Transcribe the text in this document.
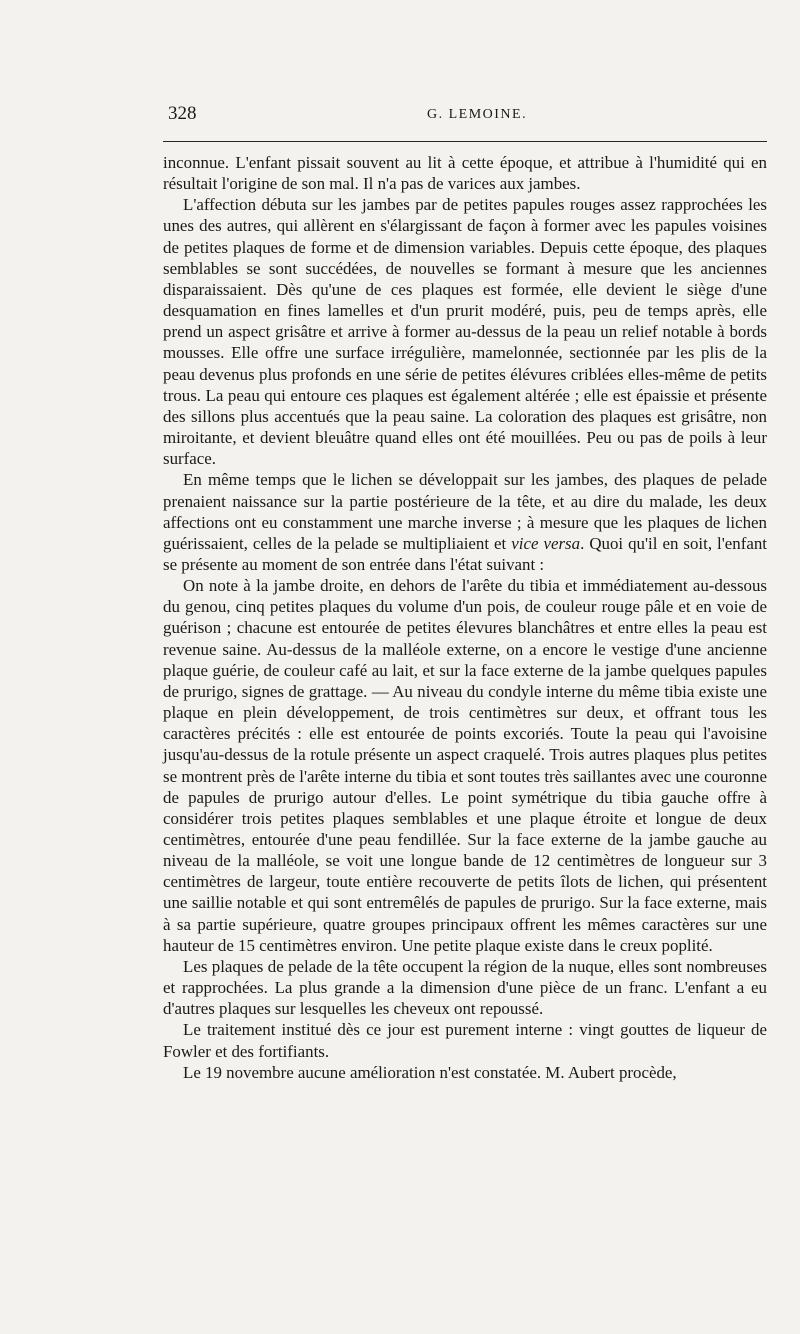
328	G. LEMOINE.

inconnue. L'enfant pissait souvent au lit à cette époque, et attribue à l'humidité qui en résultait l'origine de son mal. Il n'a pas de varices aux jambes.

L'affection débuta sur les jambes par de petites papules rouges assez rapprochées les unes des autres, qui allèrent en s'élargissant de façon à former avec les papules voisines de petites plaques de forme et de dimension variables. Depuis cette époque, des plaques semblables se sont succédées, de nouvelles se formant à mesure que les anciennes disparaissaient. Dès qu'une de ces plaques est formée, elle devient le siège d'une desquamation en fines lamelles et d'un prurit modéré, puis, peu de temps après, elle prend un aspect grisâtre et arrive à former au-dessus de la peau un relief notable à bords mousses. Elle offre une surface irrégulière, mamelonnée, sectionnée par les plis de la peau devenus plus profonds en une série de petites élévures criblées elles-même de petits trous. La peau qui entoure ces plaques est également altérée ; elle est épaissie et présente des sillons plus accentués que la peau saine. La coloration des plaques est grisâtre, non miroitante, et devient bleuâtre quand elles ont été mouillées. Peu ou pas de poils à leur surface.

En même temps que le lichen se développait sur les jambes, des plaques de pelade prenaient naissance sur la partie postérieure de la tête, et au dire du malade, les deux affections ont eu constamment une marche inverse ; à mesure que les plaques de lichen guérissaient, celles de la pelade se multipliaient et vice versa. Quoi qu'il en soit, l'enfant se présente au moment de son entrée dans l'état suivant :

On note à la jambe droite, en dehors de l'arête du tibia et immédiatement au-dessous du genou, cinq petites plaques du volume d'un pois, de couleur rouge pâle et en voie de guérison ; chacune est entourée de petites élevures blanchâtres et entre elles la peau est revenue saine. Au-dessus de la malléole externe, on a encore le vestige d'une ancienne plaque guérie, de couleur café au lait, et sur la face externe de la jambe quelques papules de prurigo, signes de grattage. — Au niveau du condyle interne du même tibia existe une plaque en plein développement, de trois centimètres sur deux, et offrant tous les caractères précités : elle est entourée de points excoriés. Toute la peau qui l'avoisine jusqu'au-dessus de la rotule présente un aspect craquelé. Trois autres plaques plus petites se montrent près de l'arête interne du tibia et sont toutes très saillantes avec une couronne de papules de prurigo autour d'elles. Le point symétrique du tibia gauche offre à considérer trois petites plaques semblables et une plaque étroite et longue de deux centimètres, entourée d'une peau fendillée. Sur la face externe de la jambe gauche au niveau de la malléole, se voit une longue bande de 12 centimètres de longueur sur 3 centimètres de largeur, toute entière recouverte de petits îlots de lichen, qui présentent une saillie notable et qui sont entremêlés de papules de prurigo. Sur la face externe, mais à sa partie supérieure, quatre groupes principaux offrent les mêmes caractères sur une hauteur de 15 centimètres environ. Une petite plaque existe dans le creux poplité.

Les plaques de pelade de la tête occupent la région de la nuque, elles sont nombreuses et rapprochées. La plus grande a la dimension d'une pièce de un franc. L'enfant a eu d'autres plaques sur lesquelles les cheveux ont repoussé.

Le traitement institué dès ce jour est purement interne : vingt gouttes de liqueur de Fowler et des fortifiants.

Le 19 novembre aucune amélioration n'est constatée. M. Aubert procède,
